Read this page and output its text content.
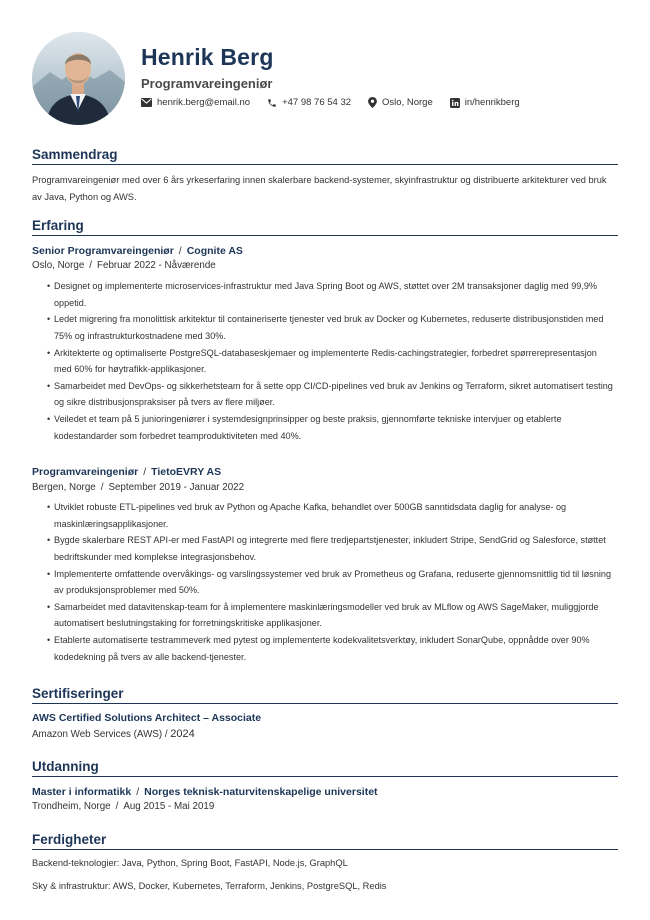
Henrik Berg
Programvareingeniør
henrik.berg@email.no	+47 98 76 54 32	Oslo, Norge	in/henrikberg
Sammendrag
Programvareingeniør med over 6 års yrkeserfaring innen skalerbare backend-systemer, skyinfrastruktur og distribuerte arkitekturer ved bruk av Java, Python og AWS.
Erfaring
Senior Programvareingeniør / Cognite AS
Oslo, Norge / Februar 2022 - Nåværende
• Designet og implementerte microservices-infrastruktur med Java Spring Boot og AWS, støttet over 2M transaksjoner daglig med 99,9% oppetid.
• Ledet migrering fra monolittisk arkitektur til containeriserte tjenester ved bruk av Docker og Kubernetes, reduserte distribusjonstiden med 75% og infrastrukturkostnadene med 30%.
• Arkitekterte og optimaliserte PostgreSQL-databaseskjemaer og implementerte Redis-cachingstrategier, forbedret spørrerepresentasjon med 60% for høytrafikk-applikasjoner.
• Samarbeidet med DevOps- og sikkerhetsteam for å sette opp CI/CD-pipelines ved bruk av Jenkins og Terraform, sikret automatisert testing og sikre distribusjonspraksiser på tvers av flere miljøer.
• Veiledet et team på 5 junioringeniører i systemdesignprinsipper og beste praksis, gjennomførte tekniske intervjuer og etablerte kodestandarder som forbedret teamproduktiviteten med 40%.
Programvareingeniør / TietoEVRY AS
Bergen, Norge / September 2019 - Januar 2022
• Utviklet robuste ETL-pipelines ved bruk av Python og Apache Kafka, behandlet over 500GB sanntidsdata daglig for analyse- og maskinlæringsapplikasjoner.
• Bygde skalerbare REST API-er med FastAPI og integrerte med flere tredjepartstjenester, inkludert Stripe, SendGrid og Salesforce, støttet bedriftskunder med komplekse integrasjonsbehov.
• Implementerte omfattende overvåkings- og varslingssystemer ved bruk av Prometheus og Grafana, reduserte gjennomsnittlig tid til løsning av produksjonsproblemer med 50%.
• Samarbeidet med datavitenskap-team for å implementere maskinlæringsmodeller ved bruk av MLflow og AWS SageMaker, muliggjorde automatisert beslutningstaking for forretningskritiske applikasjoner.
• Etablerte automatiserte testrammeverk med pytest og implementerte kodekvalitetsverktøy, inkludert SonarQube, oppnådde over 90% kodedekning på tvers av alle backend-tjenester.
Sertifiseringer
AWS Certified Solutions Architect – Associate
Amazon Web Services (AWS) / 2024
Utdanning
Master i informatikk / Norges teknisk-naturvitenskapelige universitet
Trondheim, Norge / Aug 2015 - Mai 2019
Ferdigheter
Backend-teknologier: Java, Python, Spring Boot, FastAPI, Node.js, GraphQL
Sky & infrastruktur: AWS, Docker, Kubernetes, Terraform, Jenkins, PostgreSQL, Redis
